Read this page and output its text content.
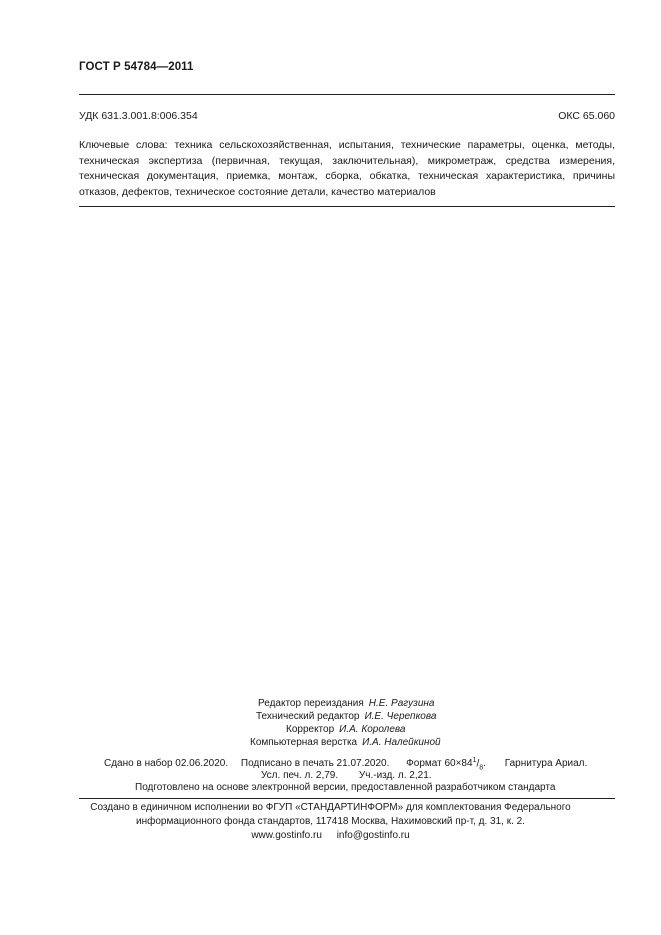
ГОСТ Р 54784—2011
УДК 631.3.001.8:006.354	ОКС 65.060
Ключевые слова: техника сельскохозяйственная, испытания, технические параметры, оценка, методы, техническая экспертиза (первичная, текущая, заключительная), микрометраж, средства измерения, техническая документация, приемка, монтаж, сборка, обкатка, техническая характеристика, причины отказов, дефектов, техническое состояние детали, качество материалов
Редактор переиздания Н.Е. Рагузина
Технический редактор И.Е. Черепкова
Корректор И.А. Королева
Компьютерная верстка И.А. Налейкиной
Сдано в набор 02.06.2020. Подписано в печать 21.07.2020. Формат $60\times 84^1/_8$. Гарнитура Ариал.
Усл. печ. л. 2,79. Уч.-изд. л. 2,21.
Подготовлено на основе электронной версии, предоставленной разработчиком стандарта
Создано в единичном исполнении во ФГУП «СТАНДАРТИНФОРМ» для комплектования Федерального
информационного фонда стандартов, 117418 Москва, Нахимовский пр-т, д. 31, к. 2.
www.gostinfo.ru info@gostinfo.ru
